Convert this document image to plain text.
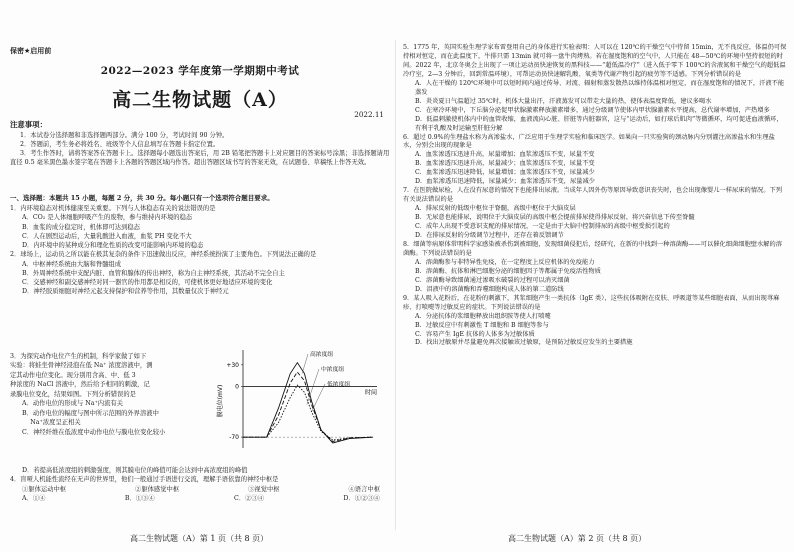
保密★启用前
2022—2023 学年度第一学期期中考试
高二生物试题（A）
2022.11
注意事项：

1．本试卷分选择题和非选择题两部分。满分 100 分，考试时间 90 分钟。

2．答题前，考生务必将姓名、班级等个人信息填写在答题卡指定位置。

3．考生作答时，请将答案答在答题卡上。选择题每小题选出答案后，用 2B 铅笔把答题卡上对应题目的答案标号涂黑；非选择题请用直径 0.5 毫米黑色墨水签字笔在答题卡上各题的答题区域内作答。超出答题区域书写的答案无效，在试题卷、草稿纸上作答无效。

一、选择题：本题共 15 小题，每题 2 分，共 30 分。每小题只有一个选项符合题目要求。

1．内环境稳态对机体健康至关重要。下列与人体稳态有关的说法错误的是

A．CO₂ 是人体细胞呼吸产生的废物，参与维持内环境的稳态

B．血浆的成分稳定时，机体即可达到稳态

C．人在剧烈运动后，大量乳酸进入血液，血浆 PH 变化不大

D．内环境中的某种成分和理化性质的改变可能影响内环境的稳态

2．球场上，运动员之所以能在极其复杂的条件下迅速做出反应，神经系统扮演了主要角色。下列说法正确的是

A．中枢神经系统由大脑和脊髓组成

B．外周神经系统中支配内脏、血管和腺体的传出神经，称为自主神经系统，其活动不完全自主

C．交感神经和副交感神经对同一器官的作用都是相反的，可使机体更好地适应环境的变化

D．神经胶质细胞对神经元起支持保护和营养等作用，其数量仅次于神经元

3．为探究动作电位产生的机制，科学家做了如下

实验：将蛙坐骨神经浸泡在低 Na⁺ 浓度溶液中，测

定其动作电位变化。现分别用含高、中、低 3

种浓度的 NaCl 溶液中，然后给予相同的刺激，记

录膜电位变化，结果如图。下列分析错误的是

A．动作电位的形成与 Na⁺内流有关

B．动作电位的幅度与图中所示范围的外界溶液中

　 Na⁺浓度呈正相关

C．神经纤维在低浓度中动作电位与膜电位变化较小

+30
0
-70
膜电位(mV)	时间
高浓度组
中浓度组
低浓度组

D．若提高低浓度组的刺激强度，则其膜电位的峰值可能会达到中高浓度组的峰值

4．盲哑人机能性流经在无声的世界里，他们一般通过手语进行交流，理解手语依靠的神经中枢是

①躯体运动中枢	②躯体感觉中枢	③视觉中枢	④语言中枢
A．①④	B．①③④	C．②③④	D．①②③④
高二生物试题（A）第 1 页（共 8 页）

5．1775 年，英国实验生理学家布雷登用自己的身体进行实验表明：人可以在 120℃的干燥空气中待留 15min，无不良反应，体温仍可保持相对恒定，而在此温度下，牛排只需 13min 就可将一盘牛肉烤熟。若在湿度饱和的空气中，人只能在 48—50℃的环境中坚持很短的时间。2022 年，北京冬奥会上出现了一项让运动员快速恢复的黑科技——“超低温冷疗”（进入低于零下 100℃的含液氮和干燥空气的超低温冷疗室，2—3 分钟后，回到常温环境），可帮运动员快速解乳酸、氧类等代谢产物引起的疲劳等不适感。下列分析错误的是

A．人在干燥的 120℃环境中可以短时间内通过传导、对流、辐射和蒸发散热以维持体温相对恒定，而在湿度饱和的情况下，汗液不能蒸发

B．炎炎夏日气温超过 35℃时，机体大量出汗，汗液蒸发可以带走大量的热，使体表温度降低，建议多喝水

C．在寒冷环境中，下丘脑分泌促甲状腺激素释放激素增多，通过分级调节使体内甲状腺激素水平提高，总代谢率增加，产热增多

D．低温刺激使机体内中的血管收缩，血液流向心脏、肝脏等内脏器官，这与“运动后，如打球后肌肉”等微循环，均可促进血液循环，有利于乳酸及时运输至肝脏分解

6．超过 0.9%的生理盐水称为高渗盐水，广泛应用于生理学实验和临床医学。如果向一只实验狗的颈动脉内分别灌注高渗盐水和生理盐水，分别会出现的现象是

A．血浆渗透压迅速升高，尿量增加；血浆渗透压不变，尿量不变

B．血浆渗透压迅速升高，尿量减少；血浆渗透压不变，尿量不变

C．血浆渗透压迅速降低，尿量增加；血浆渗透压不变，尿量减少

D．血浆渗透压迅速降低，尿量减少；血浆渗透压不变，尿量减少

7．在医院做尿检，人在没有尿意的情况下也能排出尿液。当成年人因外伤等原因导致意识丧失时，也会出现像婴儿一样尿床的情况。下列有关说法错误的是

A．排尿反射的低级中枢位于脊髓，高级中枢位于大脑皮层

B．无尿意也能排尿，说明位于大脑皮层的高级中枢会提前排尿使得排尿反射，将兴奋信息下传至脊髓

C．成年人出现不受意识支配的排尿情况，一定是由于大脑中控制排尿的高级中枢受损引起的

D．在排尿反射的分级调节过程中，还存在着反馈调节

8．细菌等病原体常明科学家感染被杀伤到被细胞，发现细菌侵犯后，经研究，在新的中找到一种溶菌酶——可以催化细菌细胞壁水解的溶菌酶。下列说法错误的是

A．溶菌酶参与非特异性免疫，在一定程度上反应机体的免疫能力

B．溶菌酶、抗体和淋巴细胞分泌的细胞因子等都属于免疫活性物质

C．溶菌酶导致细菌通过渗吸水破裂的过程可以消灭细菌

D．泪液中的溶菌酶和吞噬细胞构成人体的第二道防线

9．某人吸入花粉后，在花粉的刺激下，其浆细胞产生一类抗体（IgE 类），这些抗体吸附在皮肤、呼吸道等某些细胞表面，从而出现荨麻疹、打喷嚏等过敏反应的症状。下列说法错误的是

A．分泌抗体的浆细胞释放出组织胺等使人打喷嚏

B．过敏反应中有刺激性 T 细胞和 B 细胞等参与

C．容易产生 IgE 抗体的人体多为过敏体质

D．找出过敏原并尽量避免再次接触该过敏原，是预防过敏反应发生的主要措施

高二生物试题（A）第 2 页（共 8 页）
